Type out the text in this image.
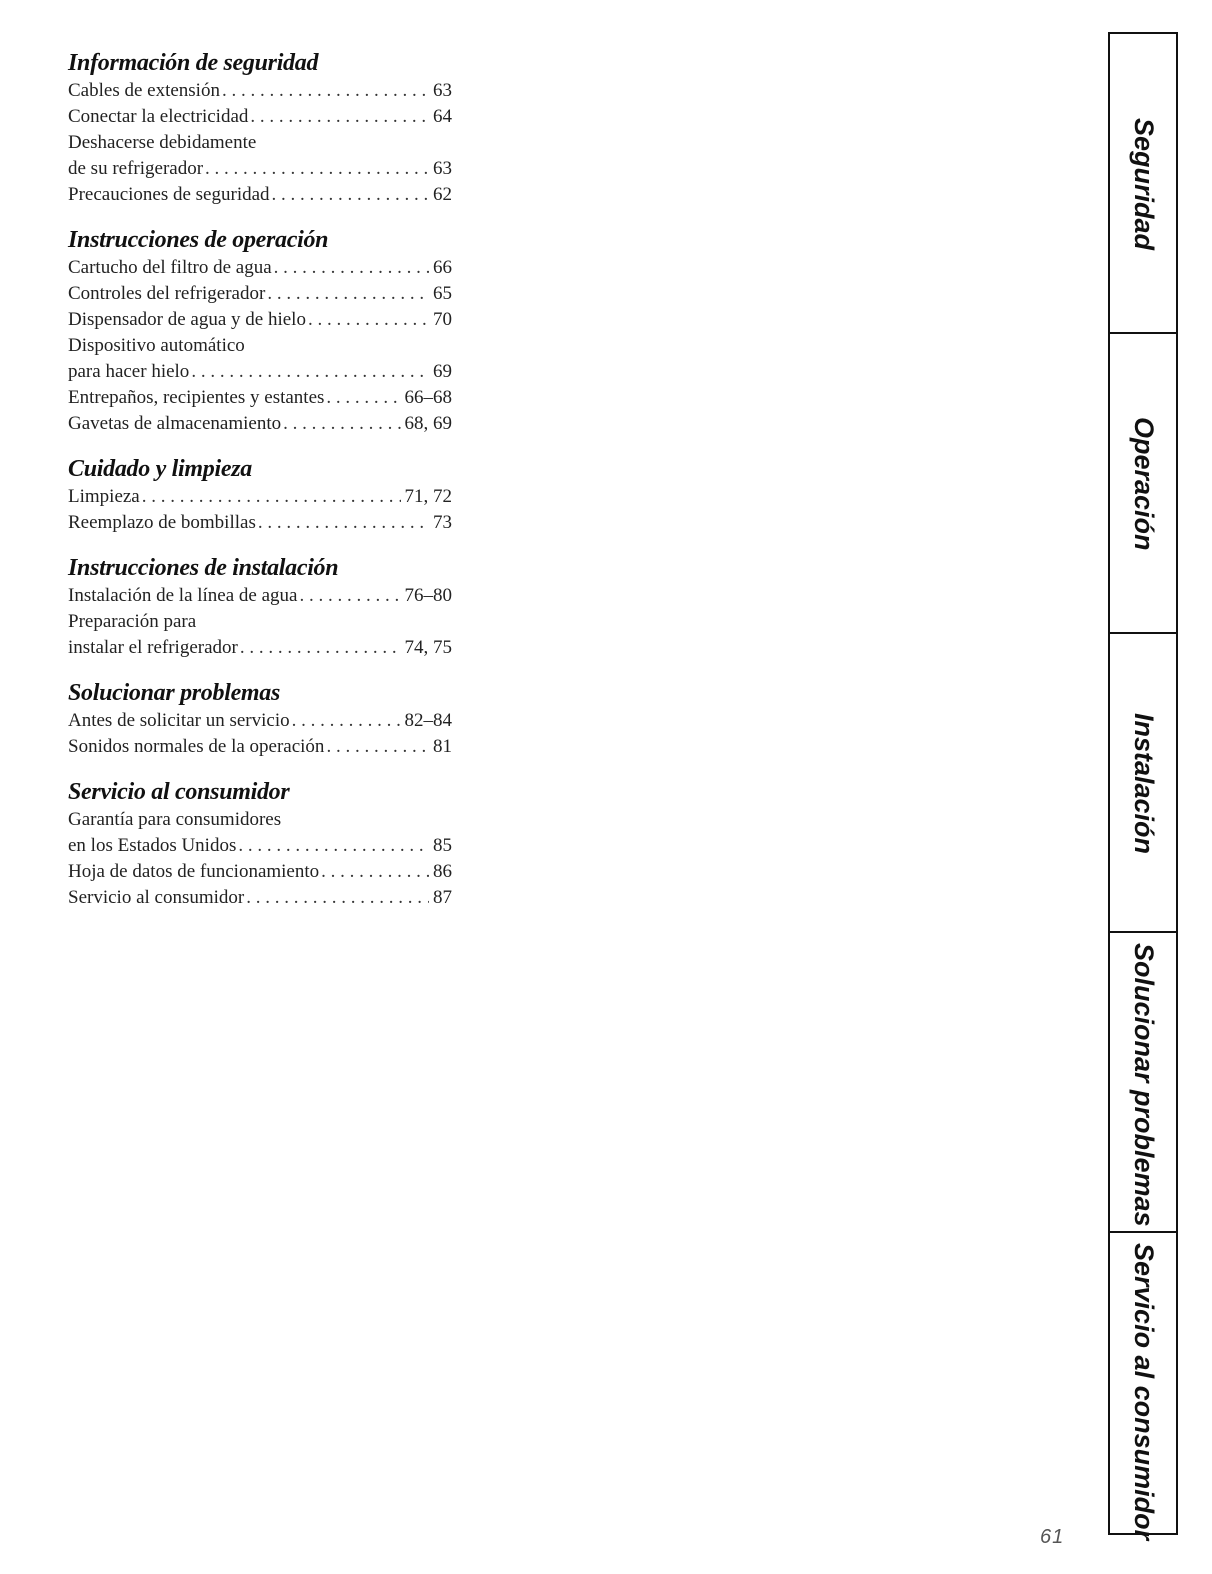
Información de seguridad
Cables de extensión . . .	63
Conectar la electricidad . . .	64
Deshacerse debidamente
de su refrigerador . . .	63
Precauciones de seguridad . . .	62
Instrucciones de operación
Cartucho del filtro de agua . . .	66
Controles del refrigerador . . .	65
Dispensador de agua y de hielo . . .	70
Dispositivo automático
para hacer hielo . . .	69
Entrepaños, recipientes y estantes . . .	66–68
Gavetas de almacenamiento . . .	68, 69
Cuidado y limpieza
Limpieza . . .	71, 72
Reemplazo de bombillas . . .	73
Instrucciones de instalación
Instalación de la línea de agua . . .	76–80
Preparación para
instalar el refrigerador . . .	74, 75
Solucionar problemas
Antes de solicitar un servicio . . .	82–84
Sonidos normales de la operación . . .	81
Servicio al consumidor
Garantía para consumidores
en los Estados Unidos . . .	85
Hoja de datos de funcionamiento . . .	86
Servicio al consumidor . . .	87
Seguridad
Operación
Instalación
Solucionar problemas
Servicio al consumidor
61
